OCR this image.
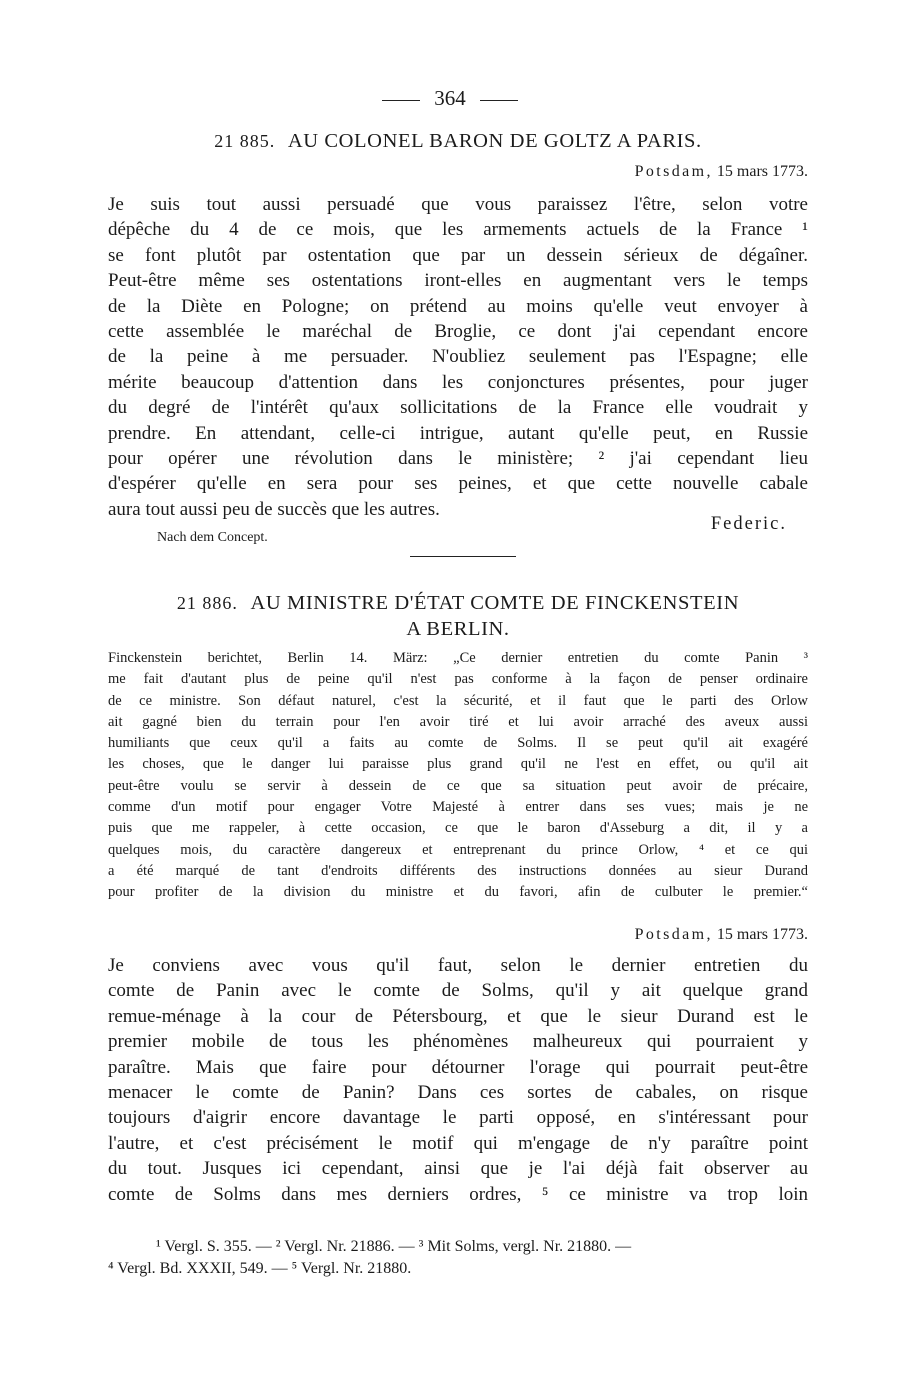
364
21 885. AU COLONEL BARON DE GOLTZ A PARIS.
Potsdam, 15 mars 1773.
Je suis tout aussi persuadé que vous paraissez l'être, selon votre
dépêche du 4 de ce mois, que les armements actuels de la France ¹
se font plutôt par ostentation que par un dessein sérieux de dégaîner.
Peut-être même ses ostentations iront-elles en augmentant vers le temps
de la Diète en Pologne; on prétend au moins qu'elle veut envoyer à
cette assemblée le maréchal de Broglie, ce dont j'ai cependant encore
de la peine à me persuader. N'oubliez seulement pas l'Espagne; elle
mérite beaucoup d'attention dans les conjonctures présentes, pour juger
du degré de l'intérêt qu'aux sollicitations de la France elle voudrait y
prendre. En attendant, celle-ci intrigue, autant qu'elle peut, en Russie
pour opérer une révolution dans le ministère; ² j'ai cependant lieu
d'espérer qu'elle en sera pour ses peines, et que cette nouvelle cabale
aura tout aussi peu de succès que les autres.
Federic.
Nach dem Concept.
21 886. AU MINISTRE D'ÉTAT COMTE DE FINCKENSTEIN
A BERLIN.
Finckenstein berichtet, Berlin 14. März: „Ce dernier entretien du comte Panin ³
me fait d'autant plus de peine qu'il n'est pas conforme à la façon de penser ordinaire
de ce ministre. Son défaut naturel, c'est la sécurité, et il faut que le parti des Orlow
ait gagné bien du terrain pour l'en avoir tiré et lui avoir arraché des aveux aussi
humiliants que ceux qu'il a faits au comte de Solms. Il se peut qu'il ait exagéré
les choses, que le danger lui paraisse plus grand qu'il ne l'est en effet, ou qu'il ait
peut-être voulu se servir à dessein de ce que sa situation peut avoir de précaire,
comme d'un motif pour engager Votre Majesté à entrer dans ses vues; mais je ne
puis que me rappeler, à cette occasion, ce que le baron d'Asseburg a dit, il y a
quelques mois, du caractère dangereux et entreprenant du prince Orlow, ⁴ et ce qui
a été marqué de tant d'endroits différents des instructions données au sieur Durand
pour profiter de la division du ministre et du favori, afin de culbuter le premier.“
Potsdam, 15 mars 1773.
Je conviens avec vous qu'il faut, selon le dernier entretien du
comte de Panin avec le comte de Solms, qu'il y ait quelque grand
remue-ménage à la cour de Pétersbourg, et que le sieur Durand est le
premier mobile de tous les phénomènes malheureux qui pourraient y
paraître. Mais que faire pour détourner l'orage qui pourrait peut-être
menacer le comte de Panin? Dans ces sortes de cabales, on risque
toujours d'aigrir encore davantage le parti opposé, en s'intéressant pour
l'autre, et c'est précisément le motif qui m'engage de n'y paraître point
du tout. Jusques ici cependant, ainsi que je l'ai déjà fait observer au
comte de Solms dans mes derniers ordres, ⁵ ce ministre va trop loin
¹ Vergl. S. 355. — ² Vergl. Nr. 21886. — ³ Mit Solms, vergl. Nr. 21880. —
⁴ Vergl. Bd. XXXII, 549. — ⁵ Vergl. Nr. 21880.
